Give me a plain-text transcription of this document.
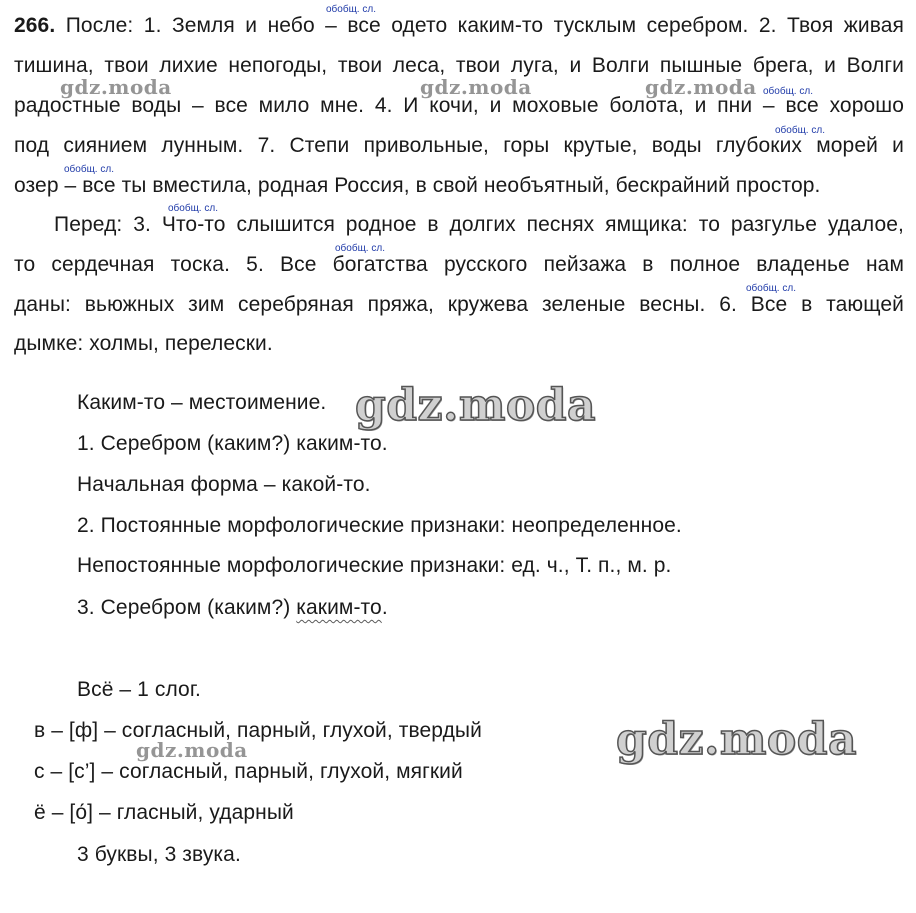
266. После: 1. Земля и небо – все одето каким-то тусклым серебром. 2. Твоя живая
тишина, твои лихие непогоды, твои леса, твои луга, и Волги пышные брега, и Волги
радостные воды – все мило мне. 4. И кочи, и моховые болота, и пни – все хорошо
под сиянием лунным. 7. Степи привольные, горы крутые, воды глубоких морей и
озер – все ты вместила, родная Россия, в свой необъятный, бескрайний простор.
Перед: 3. Что-то слышится родное в долгих песнях ямщика: то разгулье удалое,
то сердечная тоска. 5. Все богатства русского пейзажа в полное владенье нам
даны: вьюжных зим серебряная пряжа, кружева зеленые весны. 6. Все в тающей
дымке: холмы, перелески.
обобщ. сл.
обобщ. сл.
обобщ. сл.
обобщ. сл.
обобщ. сл.
обобщ. сл.
обобщ. сл.
gdz.moda	gdz.moda	gdz.moda
gdz.moda
Каким-то – местоимение.
1. Серебром (каким?) каким-то.
Начальная форма – какой-то.
2. Постоянные морфологические признаки: неопределенное.
Непостоянные морфологические признаки: ед. ч., Т. п., м. р.
3. Серебром (каким?) каким-то.
gdz.moda
gdz.moda
Всё – 1 слог.
в – [ф] – согласный, парный, глухой, твердый
с – [с’] – согласный, парный, глухой, мягкий
ё – [о́] – гласный, ударный
3 буквы, 3 звука.
